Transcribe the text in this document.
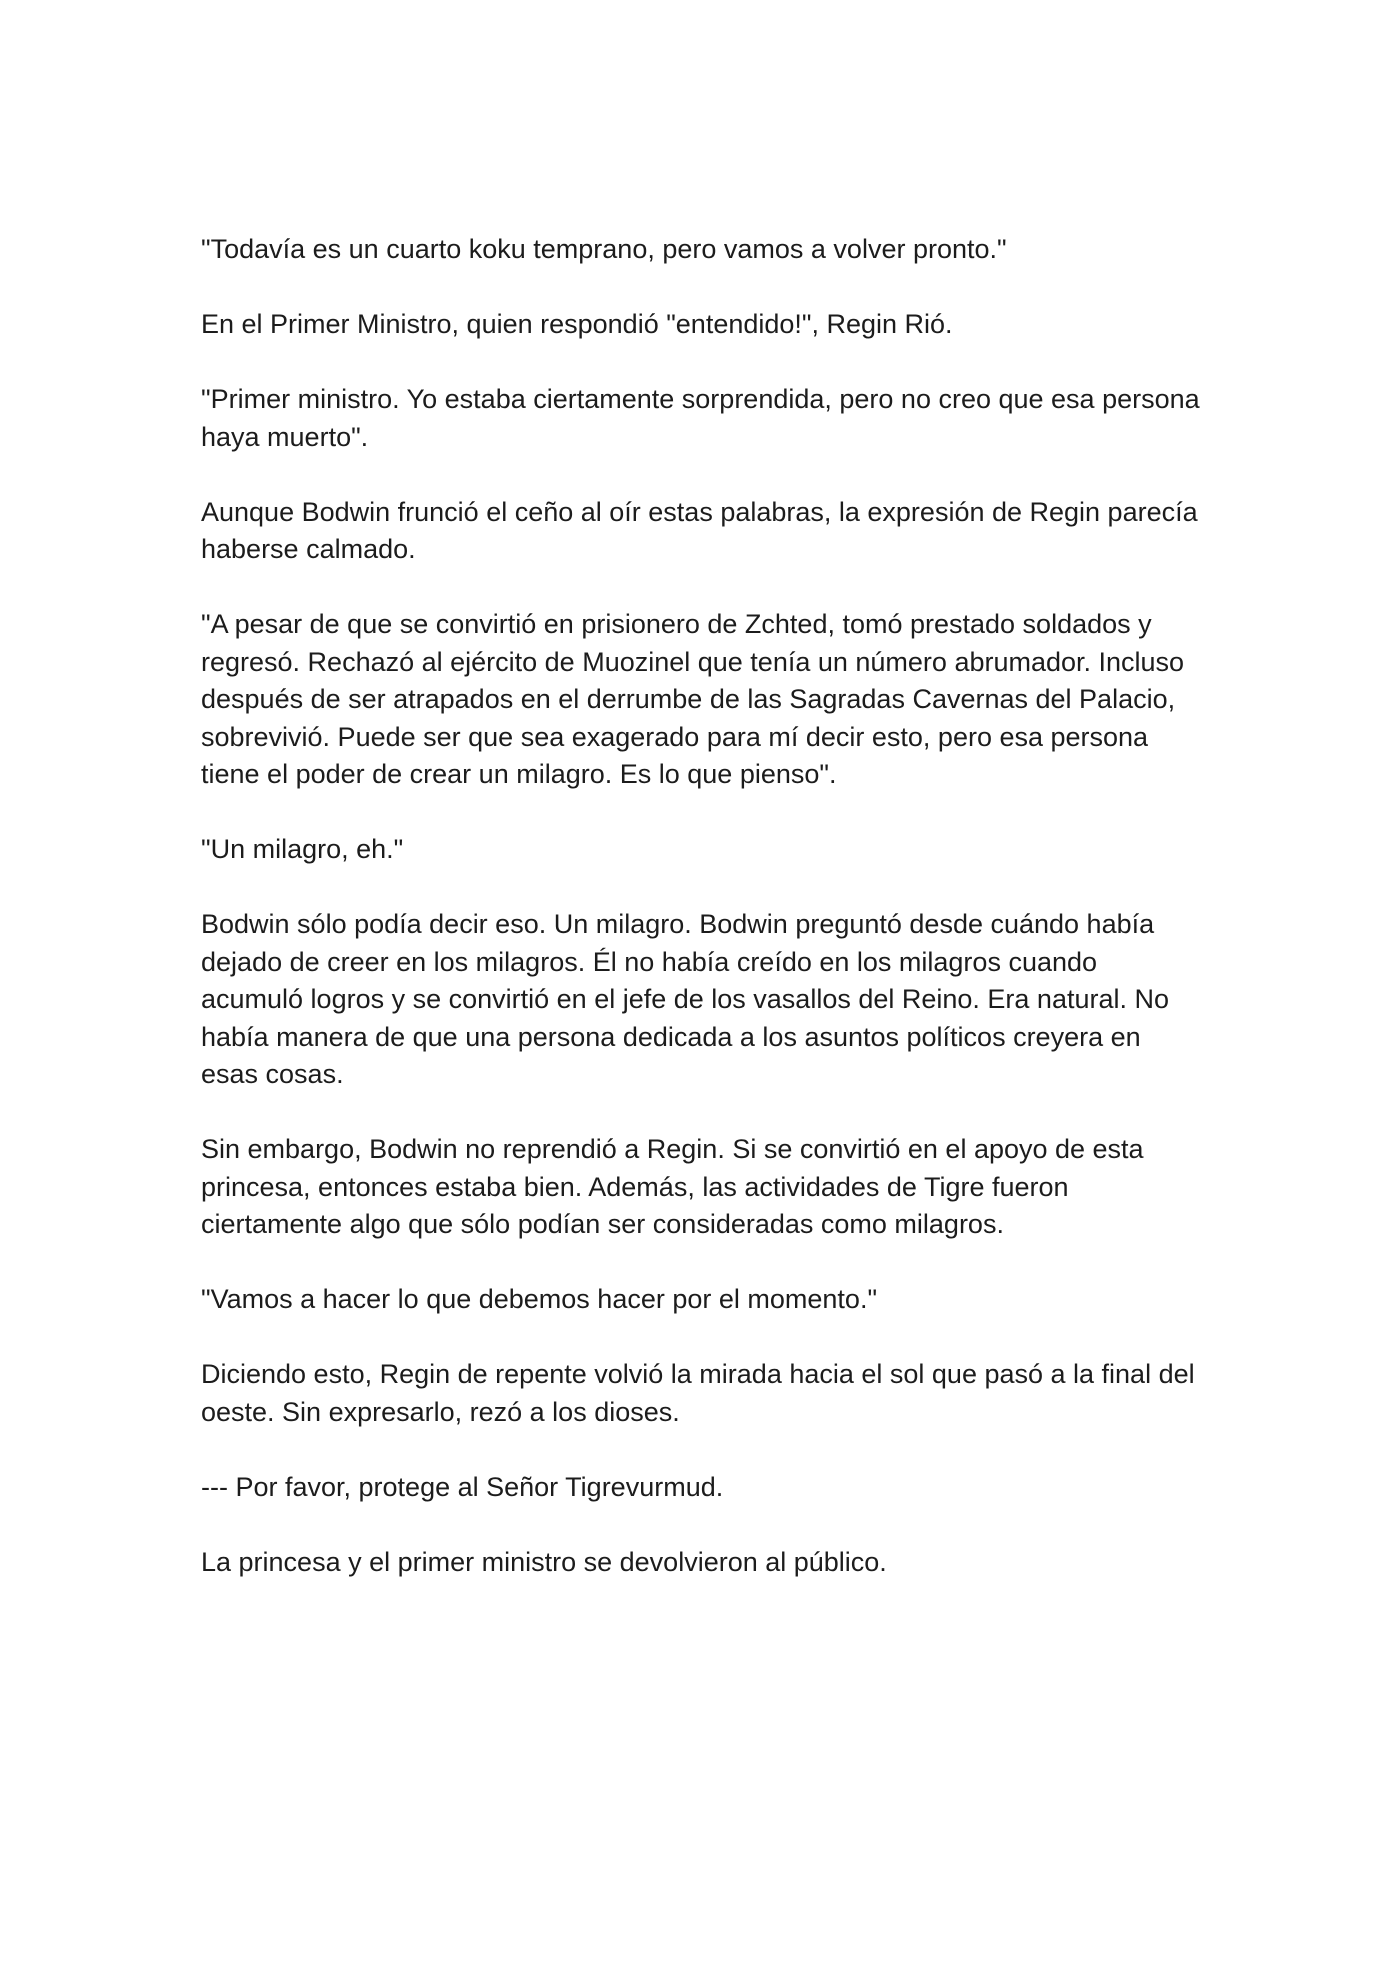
"Todavía es un cuarto koku temprano, pero vamos a volver pronto."

En el Primer Ministro, quien respondió "entendido!", Regin Rió.

"Primer ministro. Yo estaba ciertamente sorprendida, pero no creo que esa persona haya muerto".

Aunque Bodwin frunció el ceño al oír estas palabras, la expresión de Regin parecía haberse calmado.

"A pesar de que se convirtió en prisionero de Zchted, tomó prestado soldados y regresó. Rechazó al ejército de Muozinel que tenía un número abrumador. Incluso después de ser atrapados en el derrumbe de las Sagradas Cavernas del Palacio, sobrevivió. Puede ser que sea exagerado para mí decir esto, pero esa persona tiene el poder de crear un milagro. Es lo que pienso".

"Un milagro, eh."

Bodwin sólo podía decir eso. Un milagro. Bodwin preguntó desde cuándo había dejado de creer en los milagros. Él no había creído en los milagros cuando acumuló logros y se convirtió en el jefe de los vasallos del Reino. Era natural. No había manera de que una persona dedicada a los asuntos políticos creyera en esas cosas.

Sin embargo, Bodwin no reprendió a Regin. Si se convirtió en el apoyo de esta princesa, entonces estaba bien. Además, las actividades de Tigre fueron ciertamente algo que sólo podían ser consideradas como milagros.

"Vamos a hacer lo que debemos hacer por el momento."

Diciendo esto, Regin de repente volvió la mirada hacia el sol que pasó a la final del oeste. Sin expresarlo, rezó a los dioses.

--- Por favor, protege al Señor Tigrevurmud.

La princesa y el primer ministro se devolvieron al público.
